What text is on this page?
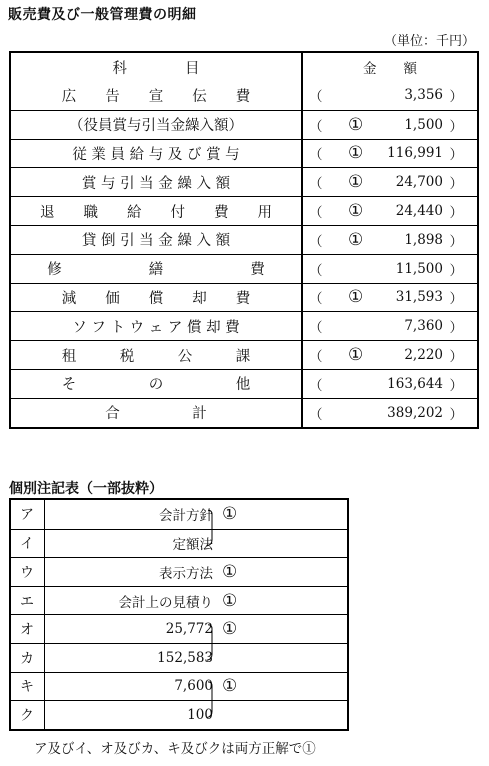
販売費及び一般管理費の明細
（単位：千円）
科　　　　目	金　　額
広　　告　　宣　　伝　　費	（	3,356 ）
（役員賞与引当金繰入額）	（ ①	1,500 ）
従 業 員 給 与 及 び 賞 与	（ ① 116,991 ）
賞 与 引 当 金 繰 入 額	（ ① 24,700 ）
退　　職　　給　　付　　費　　用	（ ① 24,440 ）
貸 倒 引 当 金 繰 入 額	（ ①	1,898 ）
修　　　　　　繕　　　　　　費	（	11,500 ）
減　　価　　償　　却　　費	（ ① 31,593 ）
ソ フ ト ウ ェ ア 償 却 費	（	7,360 ）
租　　　税　　　公　　　課	（ ①	2,220 ）
そ　　　　　の　　　　　他	（	163,644 ）
合　　　　　計	（	389,202 ）
個別注記表（一部抜粋）
ア	会計方針 ①
イ	定額法
ウ	表示方法 ①
エ	会計上の見積り ①
オ	25,772 ①
カ	152,583
キ	7,600 ①
ク	100
ア及びイ、オ及びカ、キ及びクは両方正解で①
